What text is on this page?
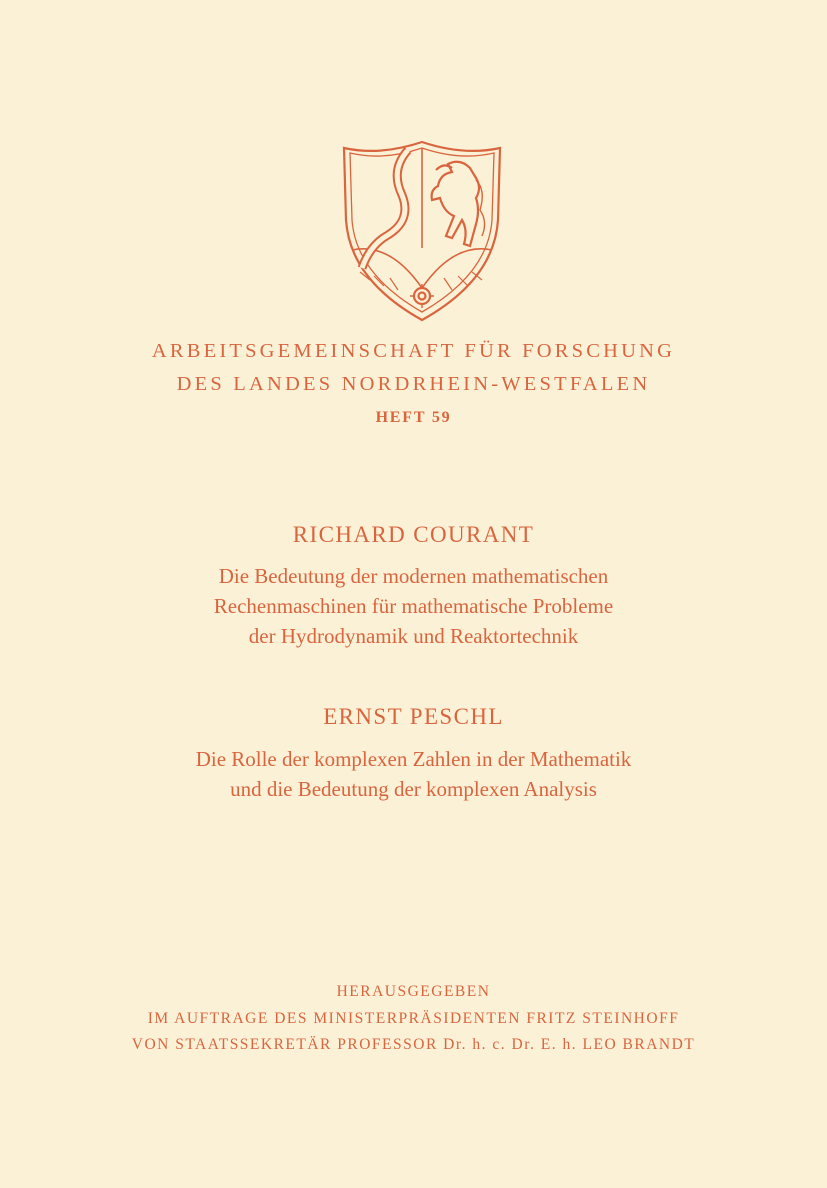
ARBEITSGEMEINSCHAFT FÜR FORSCHUNG
DES LANDES NORDRHEIN-WESTFALEN
HEFT 59
RICHARD COURANT
Die Bedeutung der modernen mathematischen
Rechenmaschinen für mathematische Probleme
der Hydrodynamik und Reaktortechnik
ERNST PESCHL
Die Rolle der komplexen Zahlen in der Mathematik
und die Bedeutung der komplexen Analysis
HERAUSGEGEBEN
IM AUFTRAGE DES MINISTERPRÄSIDENTEN FRITZ STEINHOFF
VON STAATSSEKRETÄR PROFESSOR Dr. h. c. Dr. E. h. LEO BRANDT
